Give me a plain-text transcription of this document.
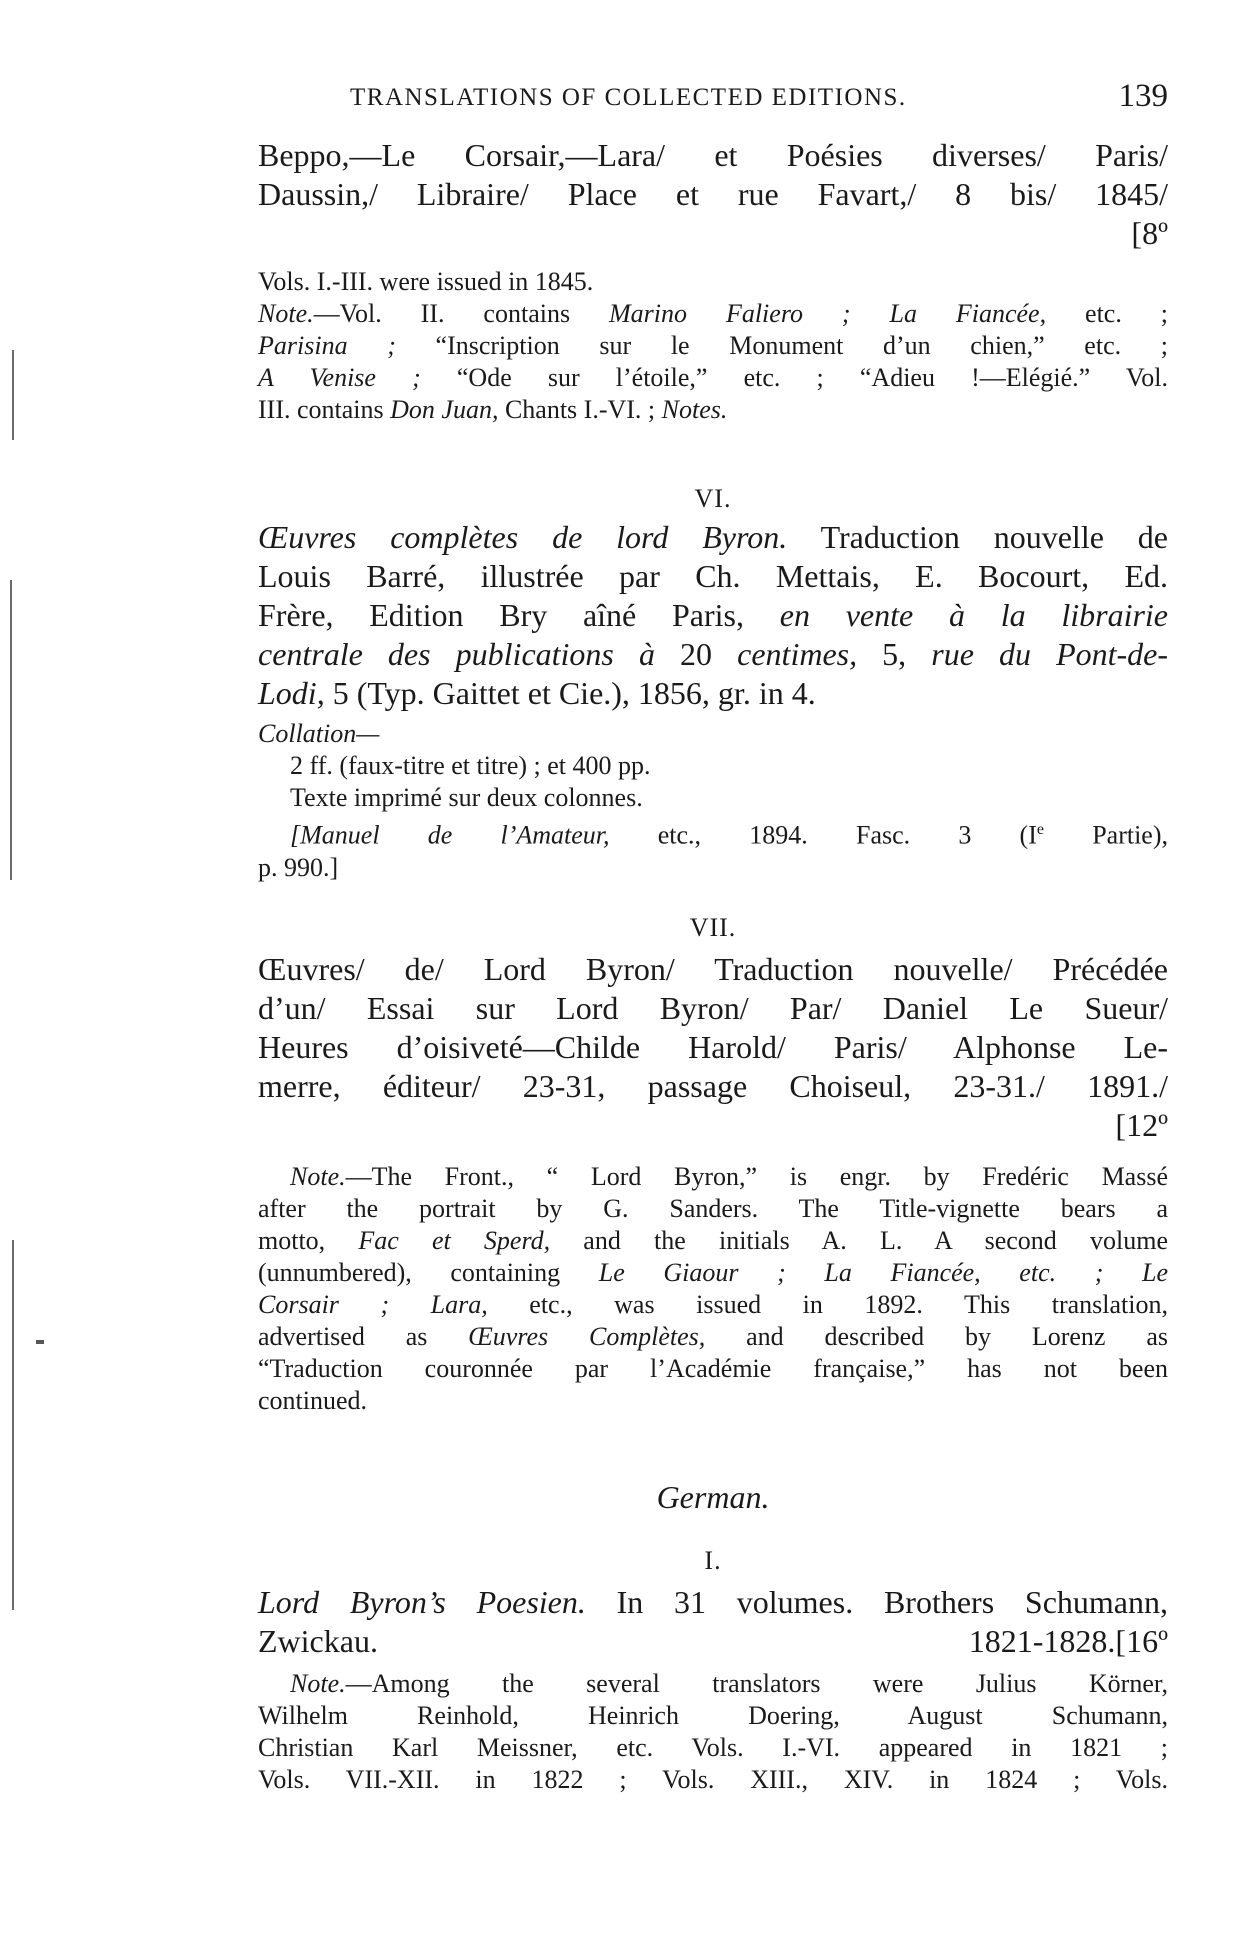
TRANSLATIONS OF COLLECTED EDITIONS.	139
Beppo,—Le Corsair,—Lara/ et Poésies diverses/ Paris/
Daussin,/ Libraire/ Place et rue Favart,/ 8 bis/ 1845/
[8º
Vols. I.-III. were issued in 1845.
Note.—Vol. II. contains Marino Faliero ; La Fiancée, etc. ;
Parisina ; “Inscription sur le Monument d’un chien,” etc. ;
A Venise ; “Ode sur l’étoile,” etc. ; “Adieu !—Elégié.” Vol.
III. contains Don Juan, Chants I.-VI. ; Notes.
VI.
Œuvres complètes de lord Byron. Traduction nouvelle de
Louis Barré, illustrée par Ch. Mettais, E. Bocourt, Ed.
Frère, Edition Bry aîné Paris, en vente à la librairie
centrale des publications à 20 centimes, 5, rue du Pont-de-
Lodi, 5 (Typ. Gaittet et Cie.), 1856, gr. in 4.
Collation—
2 ff. (faux-titre et titre) ; et 400 pp.
Texte imprimé sur deux colonnes.
[Manuel de l’Amateur, etc., 1894. Fasc. 3 (Ie Partie),
p. 990.]
VII.
Œuvres/ de/ Lord Byron/ Traduction nouvelle/ Précédée
d’un/ Essai sur Lord Byron/ Par/ Daniel Le Sueur/
Heures d’oisiveté—Childe Harold/ Paris/ Alphonse Le-
merre, éditeur/ 23-31, passage Choiseul, 23-31./ 1891./
[12º
Note.—The Front., “ Lord Byron,” is engr. by Fredéric Massé
after the portrait by G. Sanders. The Title-vignette bears a
motto, Fac et Sperd, and the initials A. L. A second volume
(unnumbered), containing Le Giaour ; La Fiancée, etc. ; Le
Corsair ; Lara, etc., was issued in 1892. This translation,
advertised as Œuvres Complètes, and described by Lorenz as
“Traduction couronnée par l’Académie française,” has not been
continued.
German.
I.
Lord Byron’s Poesien. In 31 volumes. Brothers Schumann,
Zwickau. 1821-1828. [16º
Note.—Among the several translators were Julius Körner,
Wilhelm Reinhold, Heinrich Doering, August Schumann,
Christian Karl Meissner, etc. Vols. I.-VI. appeared in 1821 ;
Vols. VII.-XII. in 1822 ; Vols. XIII., XIV. in 1824 ; Vols.
